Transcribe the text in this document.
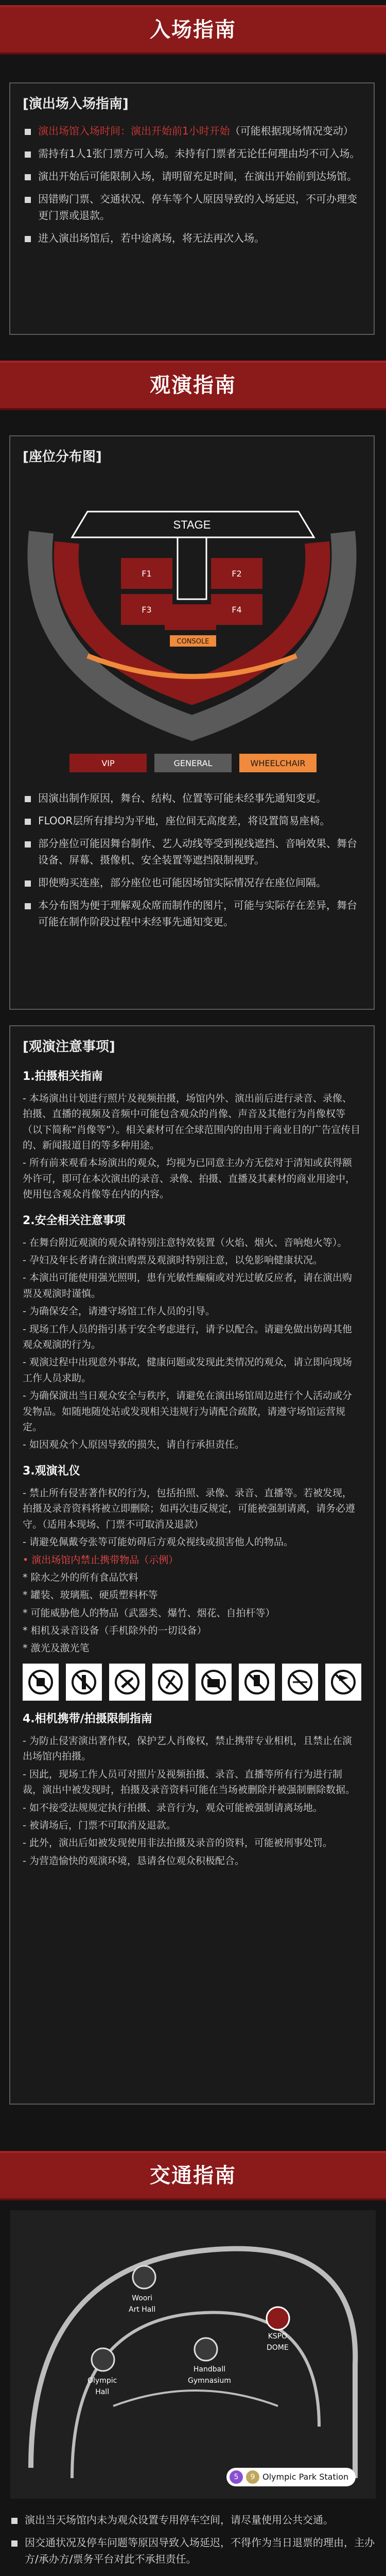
入场指南
[演出场入场指南]
演出场馆入场时间：演出开始前1小时开始（可能根据现场情况变动）
需持有1人1张门票方可入场。未持有门票者无论任何理由均不可入场。
演出开始后可能限制入场，请明留充足时间，在演出开始前到达场馆。
因错购门票、交通状况、停车等个人原因导致的入场延迟，不可办理变更门票或退款。
进入演出场馆后，若中途离场，将无法再次入场。
观演指南
[座位分布图]
STAGE
F1	F2
F3	F4
CONSOLE
VIP	GENERAL	WHEELCHAIR
因演出制作原因，舞台、结构、位置等可能未经事先通知变更。
FLOOR层所有排均为平地，座位间无高度差，将设置简易座椅。
部分座位可能因舞台制作、艺人动线等受到视线遮挡、音响效果、舞台设备、屏幕、摄像机、安全装置等遮挡限制视野。
即使购买连座，部分座位也可能因场馆实际情况存在座位间隔。
本分布图为便于理解观众席而制作的图片，可能与实际存在差异，舞台可能在制作阶段过程中未经事先通知变更。
[观演注意事项]
1.拍摄相关指南
- 本场演出计划进行照片及视频拍摄，场馆内外、演出前后进行录音、录像、拍摄、直播的视频及音频中可能包含观众的肖像、声音及其他行为肖像权等（以下简称“肖像等”）。相关素材可在全球范围内的由用于商业目的广告宣传目的、新闻报道目的等多种用途。
- 所有前来观看本场演出的观众，均视为已同意主办方无偿对于清知或获得额外许可，即可在本次演出的录音、录像、拍摄、直播及其素材的商业用途中，使用包含观众肖像等在内的内容。
2.安全相关注意事项
- 在舞台附近观演的观众请特别注意特效装置（火焰、烟火、音响炮火等）。
- 孕妇及年长者请在演出购票及观演时特别注意，以免影响健康状况。
- 本演出可能使用强光照明，患有光敏性癫痫或对光过敏反应者，请在演出购票及观演时谨慎。
- 为确保安全，请遵守场馆工作人员的引导。
- 现场工作人员的指引基于安全考虑进行，请予以配合。请避免做出妨碍其他观众观演的行为。
- 观演过程中出现意外事故，健康问题或发现此类情况的观众，请立即向现场工作人员求助。
- 为确保演出当日观众安全与秩序，请避免在演出场馆周边进行个人活动或分发物品。如随地随处站或发现相关违规行为请配合疏散，请遵守场馆运营规定。
- 如因观众个人原因导致的损失，请自行承担责任。
3.观演礼仪
- 禁止所有侵害著作权的行为，包括拍照、录像、录音、直播等。若被发现，拍摄及录音资料将被立即删除；如再次违反规定，可能被强制请离，请务必遵守。（适用本现场、门票不可取消及退款）
- 请避免佩戴夸张等可能妨碍后方观众视线或损害他人的物品。
• 演出场馆内禁止携带物品（示例）
* 除水之外的所有食品饮料
* 罐装、玻璃瓶、硬质塑料杯等
* 可能威胁他人的物品（武器类、爆竹、烟花、自拍杆等）
* 相机及录音设备（手机除外的一切设备）
* 激光及激光笔
4.相机携带/拍摄限制指南
- 为防止侵害演出著作权，保护艺人肖像权，禁止携带专业相机，且禁止在演出场馆内拍摄。
- 因此，现场工作人员可对照片及视频拍摄、录音、直播等所有行为进行制裁，演出中被发现时，拍摄及录音资料可能在当场被删除并被强制删除数据。
- 如不接受法规规定执行拍摄、录音行为，观众可能被强制请离场地。
- 被请场后，门票不可取消及退款。
- 此外，演出后如被发现使用非法拍摄及录音的资料，可能被刑事处罚。
- 为营造愉快的观演环境，恳请各位观众积极配合。
交通指南
Woori
Art Hall
Handball
Gymnasium
KSPO
DOME
Olympic
Hall
5	9 Olympic Park Station
演出当天场馆内未为观众设置专用停车空间，请尽量使用公共交通。
因交通状况及停车问题等原因导致入场延迟，不得作为当日退票的理由，主办方/承办方/票务平台对此不承担责任。
